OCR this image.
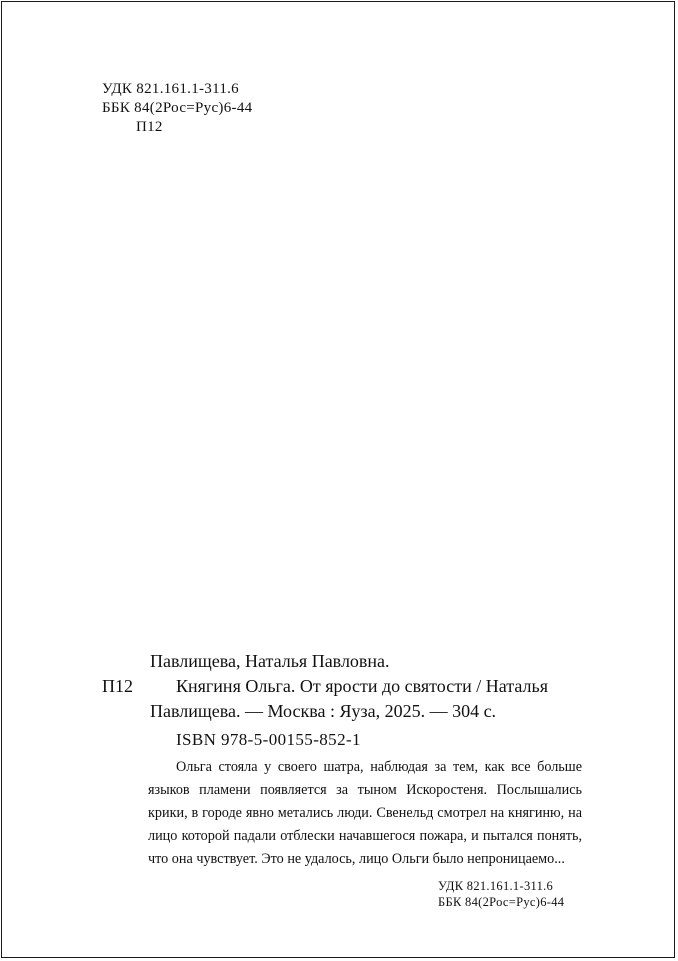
УДК 821.161.1-311.6
ББК 84(2Рос=Рус)6-44
П12
Павлищева, Наталья Павловна.
П12 Княгиня Ольга. От ярости до святости / Наталья
Павлищева. — Москва : Яуза, 2025. — 304 с.
ISBN 978-5-00155-852-1

Ольга стояла у своего шатра, наблюдая за тем, как все больше языков пламени появляется за тыном Искоростеня. Послышались крики, в городе явно метались люди. Свенельд смотрел на княгиню, на лицо которой падали отблески начавшегося пожара, и пытался понять, что она чувствует. Это не удалось, лицо Ольги было непроницаемо...

УДК 821.161.1-311.6
ББК 84(2Рос=Рус)6-44
